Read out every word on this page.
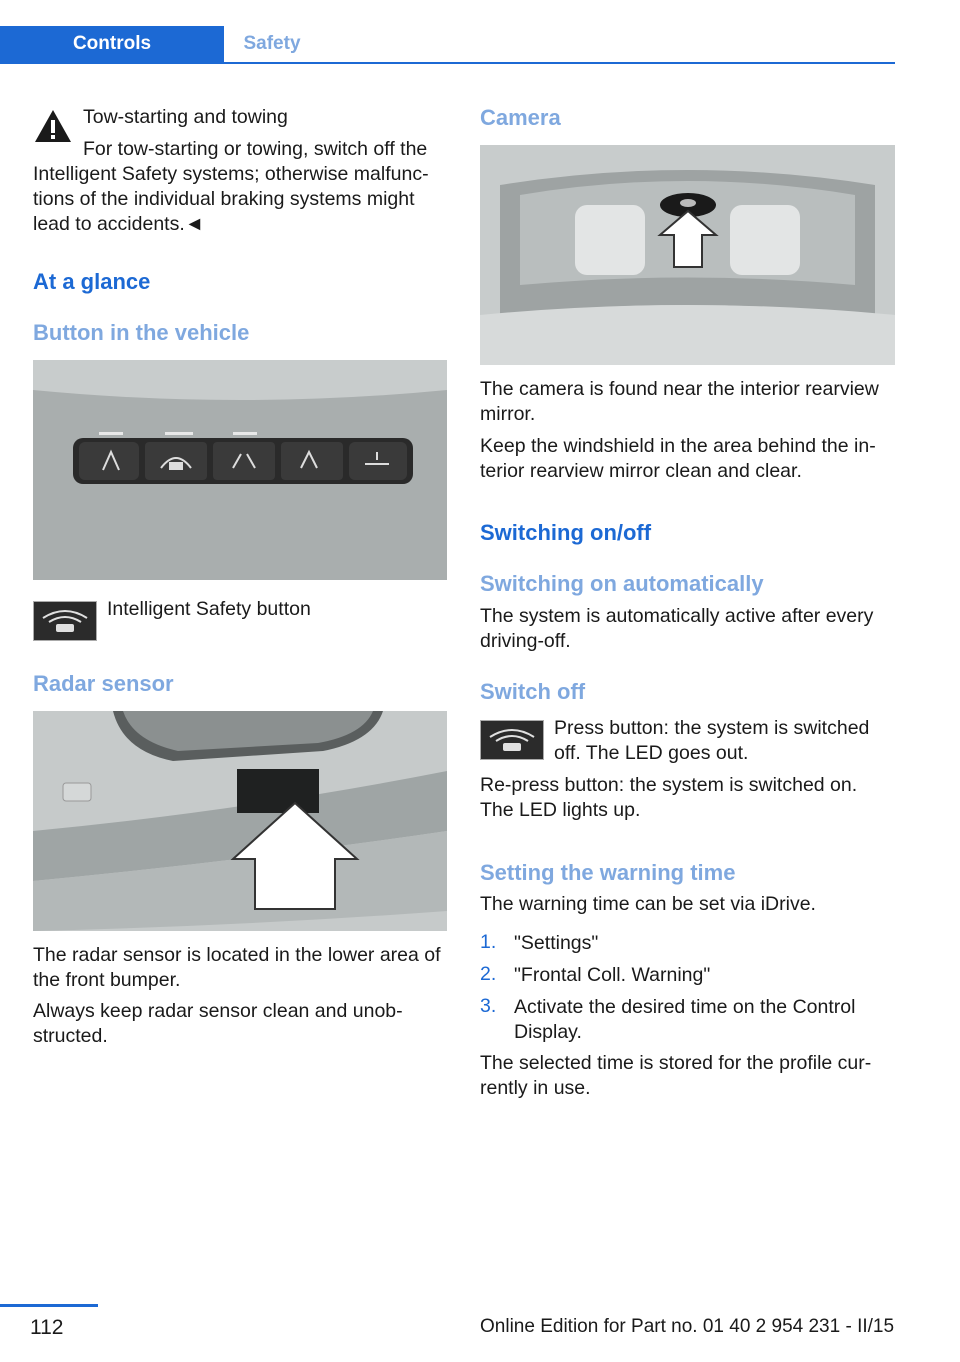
Controls	Safety

Tow-starting and towing

For tow-starting or towing, switch off the Intelligent Safety systems; otherwise malfunc-tions of the individual braking systems might lead to accidents.◄

At a glance
Button in the vehicle

Intelligent Safety button

Radar sensor

The radar sensor is located in the lower area of the front bumper.

Always keep radar sensor clean and unob-structed.

Camera

The camera is found near the interior rearview mirror.

Keep the windshield in the area behind the in-terior rearview mirror clean and clear.

Switching on/off
Switching on automatically

The system is automatically active after every driving-off.

Switch off

Press button: the system is switched off. The LED goes out.

Re-press button: the system is switched on. The LED lights up.

Setting the warning time

The warning time can be set via iDrive.

1. "Settings"
2. "Frontal Coll. Warning"
3. Activate the desired time on the Control Display.

The selected time is stored for the profile cur-rently in use.

112	Online Edition for Part no. 01 40 2 954 231 - II/15
